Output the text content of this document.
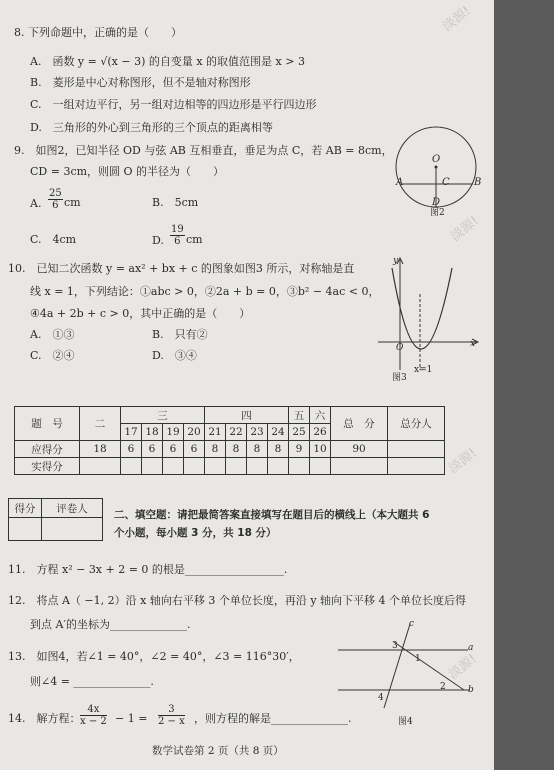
8. 下列命题中，正确的是（　　）
A.　函数 y = √(x − 3) 的自变量 x 的取值范围是 x > 3
B.　菱形是中心对称图形，但不是轴对称图形
C.　一组对边平行，另一组对边相等的四边形是平行四边形
D.　三角形的外心到三角形的三个顶点的距离相等
9.　如图2，已知半径 OD 与弦 AB 互相垂直，垂足为点 C，若 AB = 8cm，
CD = 3cm，则圆 O 的半径为（　　）
A. $\frac{25}{6}$ cm	B.　5cm
C.　4cm	D. $\frac{19}{6}$ cm
O
A	B
C
D
图2
10.　已知二次函数 y = ax² + bx + c 的图象如图3 所示，对称轴是直
线 x = 1，下列结论：①abc > 0，②2a + b = 0，③b² − 4ac < 0，
④4a + 2b + c > 0，其中正确的是（　　）
A.　①③	B.　只有②
C.　②④	D.　③④
y
x
O
x=1
图3
题　号	二	三				四				五	六	总　分	总分人
		17	18	19	20	21	22	23	24	25	26		
应得分	18	6	6	6	6	8	8	8	8	9	10	90	
实得分													
得分	评卷人

二、填空题：请把最简答案直接填写在题目后的横线上（本大题共 6
个小题，每小题 3 分，共 18 分）
11.　方程 x² − 3x + 2 = 0 的根是__________________.
12.　将点 A（ −1, 2）沿 x 轴向右平移 3 个单位长度，再沿 y 轴向下平移 4 个单位长度后得
到点 A′的坐标为______________.
13.　如图4，若∠1 = 40°，∠2 = 40°，∠3 = 116°30′，
则∠4 = ______________.
c
a
b
1
2
3
4
图4
14.　解方程： $\frac{4x}{x - 2} - 1 = \frac{3}{2 - x}$ ，则方程的解是______________.
数学试卷第 2 页（共 8 页）
淡源!
淡源!
淡源!
淡源!
